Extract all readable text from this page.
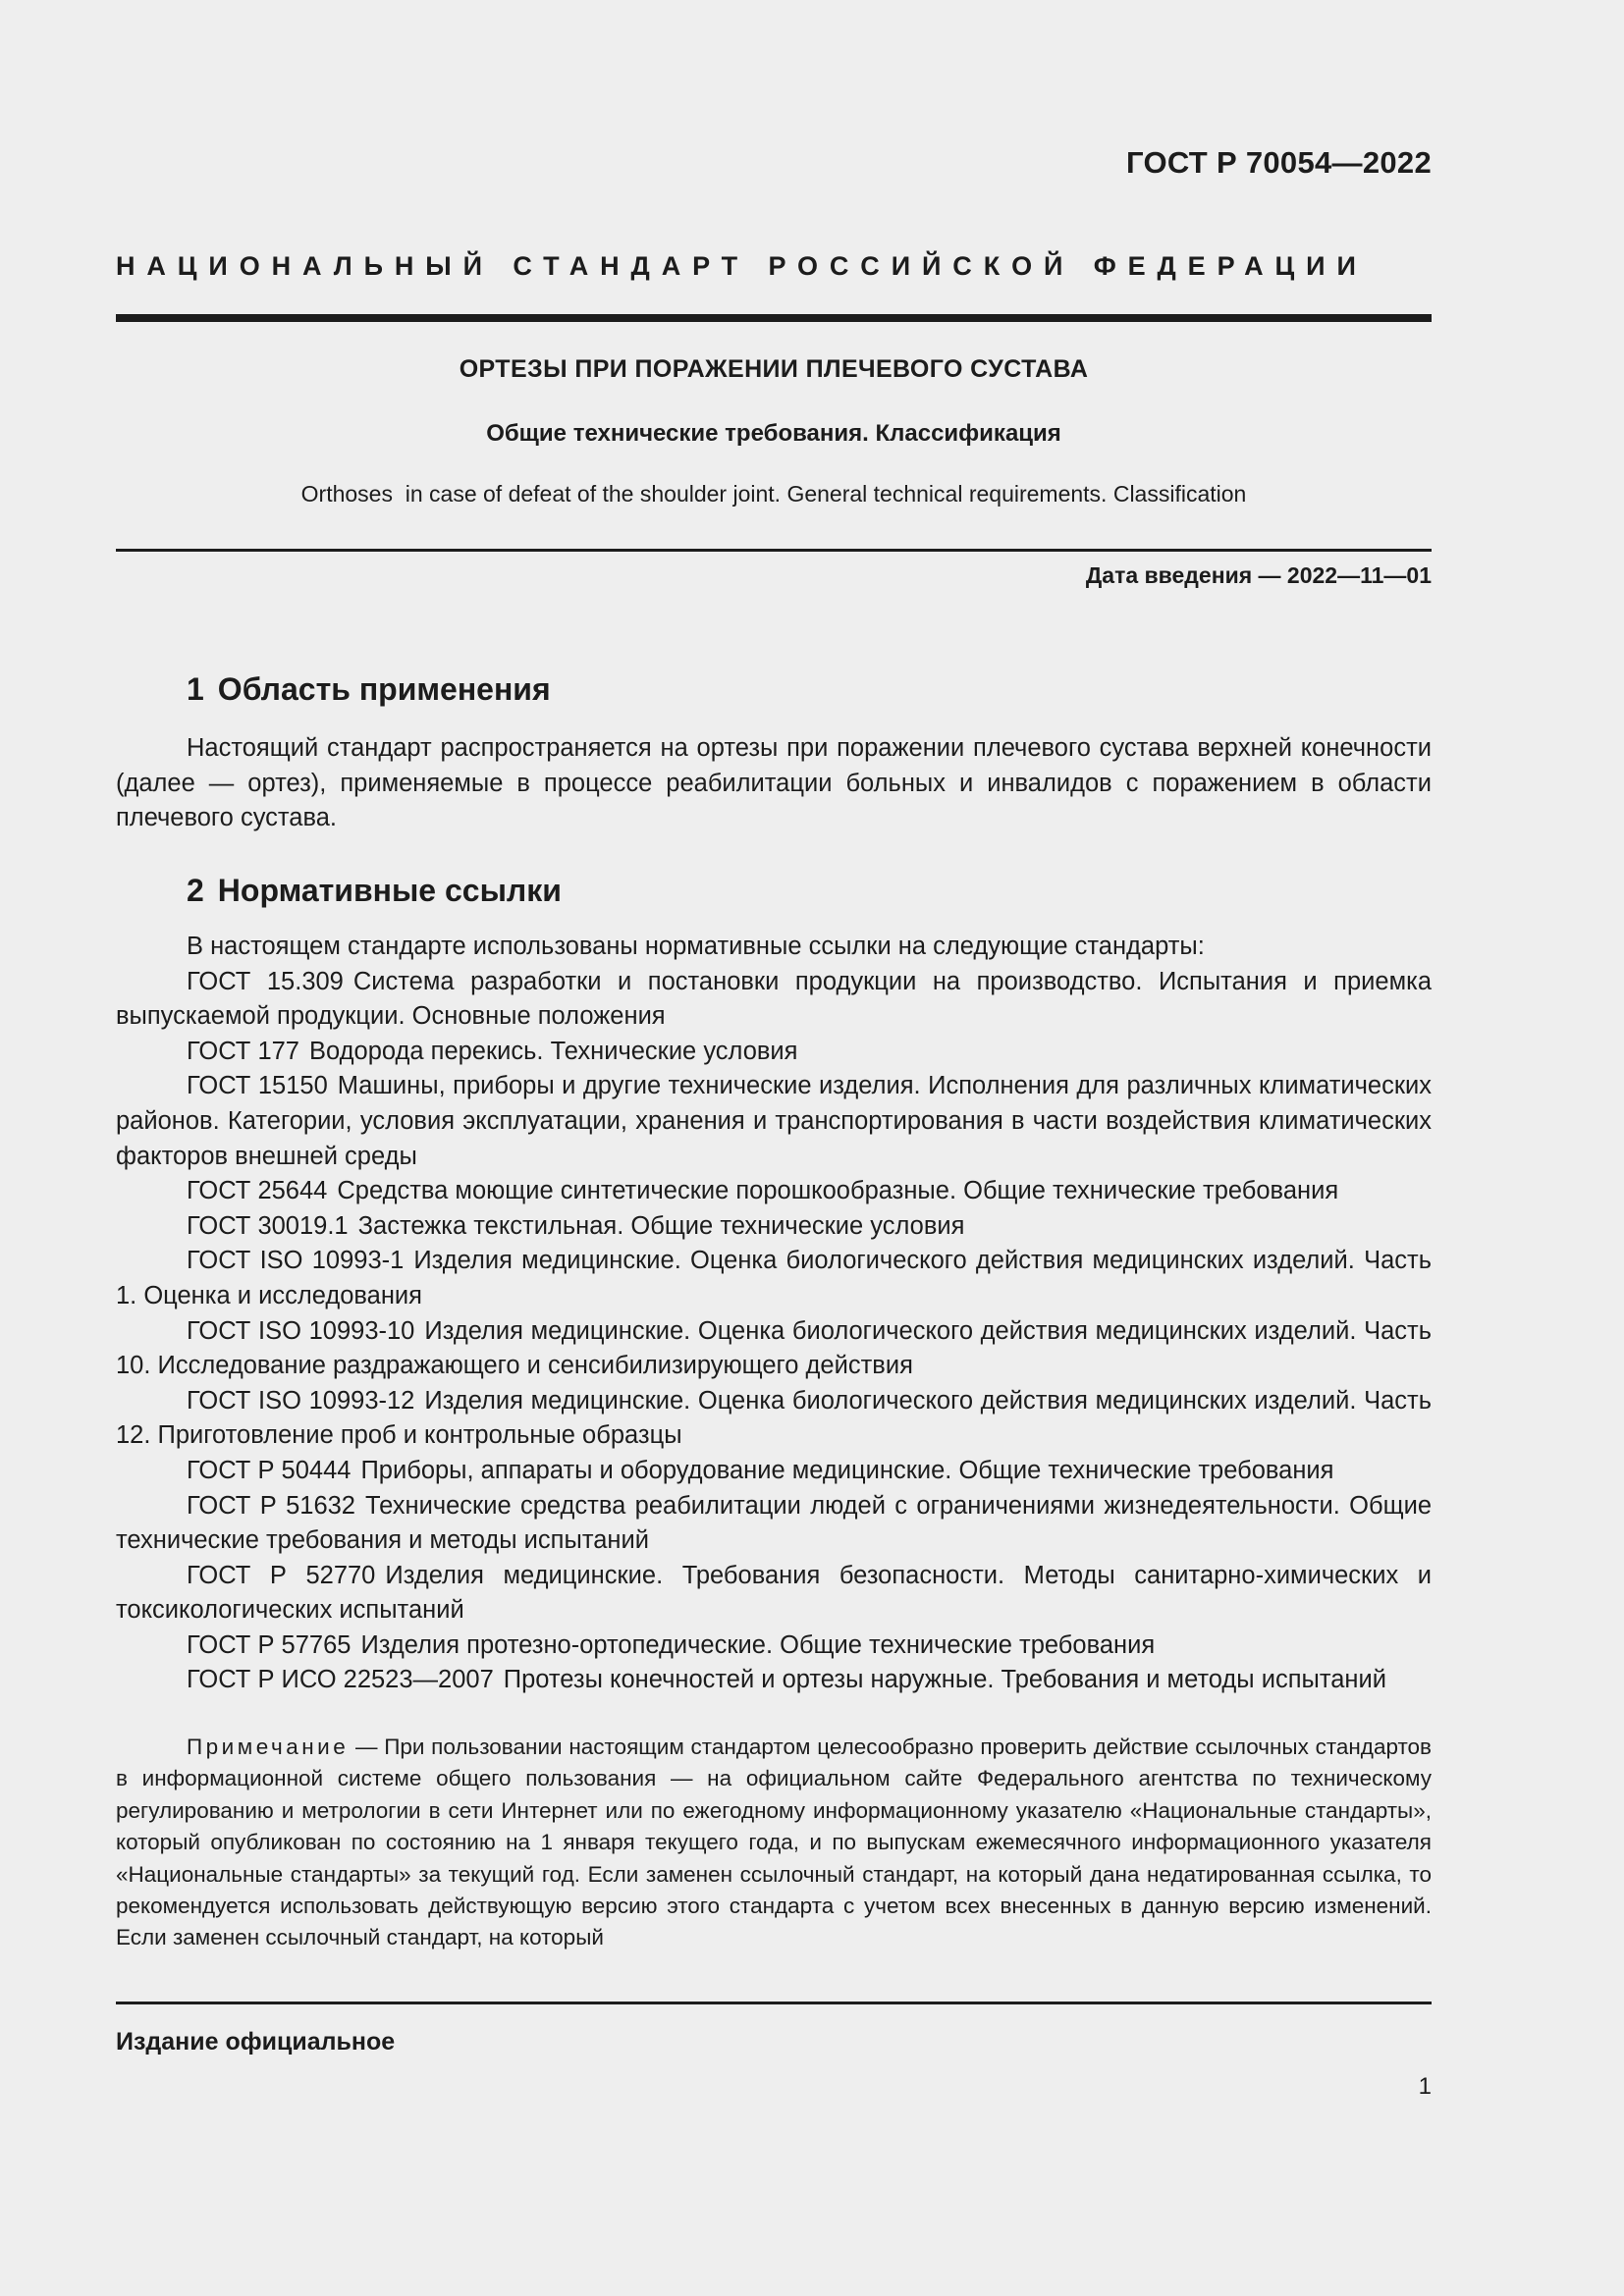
ГОСТ Р 70054—2022
НАЦИОНАЛЬНЫЙ СТАНДАРТ РОССИЙСКОЙ ФЕДЕРАЦИИ
ОРТЕЗЫ ПРИ ПОРАЖЕНИИ ПЛЕЧЕВОГО СУСТАВА
Общие технические требования. Классификация
Orthoses  in case of defeat of the shoulder joint. General technical requirements. Classification
Дата введения — 2022—11—01
1 Область применения

Настоящий стандарт распространяется на ортезы при поражении плечевого сустава верхней конечности (далее — ортез), применяемые в процессе реабилитации больных и инвалидов с поражением в области плечевого сустава.

2 Нормативные ссылки

В настоящем стандарте использованы нормативные ссылки на следующие стандарты:

ГОСТ 15.309 Система разработки и постановки продукции на производство. Испытания и приемка выпускаемой продукции. Основные положения

ГОСТ 177 Водорода перекись. Технические условия

ГОСТ 15150 Машины, приборы и другие технические изделия. Исполнения для различных климатических районов. Категории, условия эксплуатации, хранения и транспортирования в части воздействия климатических факторов внешней среды

ГОСТ 25644 Средства моющие синтетические порошкообразные. Общие технические требования

ГОСТ 30019.1 Застежка текстильная. Общие технические условия

ГОСТ ISO 10993-1 Изделия медицинские. Оценка биологического действия медицинских изделий. Часть 1. Оценка и исследования

ГОСТ ISO 10993-10 Изделия медицинские. Оценка биологического действия медицинских изделий. Часть 10. Исследование раздражающего и сенсибилизирующего действия

ГОСТ ISO 10993-12 Изделия медицинские. Оценка биологического действия медицинских изделий. Часть 12. Приготовление проб и контрольные образцы

ГОСТ Р 50444 Приборы, аппараты и оборудование медицинские. Общие технические требования

ГОСТ Р 51632 Технические средства реабилитации людей с ограничениями жизнедеятельности. Общие технические требования и методы испытаний

ГОСТ Р 52770 Изделия медицинские. Требования безопасности. Методы санитарно-химических и токсикологических испытаний

ГОСТ Р 57765 Изделия протезно-ортопедические. Общие технические требования

ГОСТ Р ИСО 22523—2007 Протезы конечностей и ортезы наружные. Требования и методы испытаний

Примечание — При пользовании настоящим стандартом целесообразно проверить действие ссылочных стандартов в информационной системе общего пользования — на официальном сайте Федерального агентства по техническому регулированию и метрологии в сети Интернет или по ежегодному информационному указателю «Национальные стандарты», который опубликован по состоянию на 1 января текущего года, и по выпускам ежемесячного информационного указателя «Национальные стандарты» за текущий год. Если заменен ссылочный стандарт, на который дана недатированная ссылка, то рекомендуется использовать действующую версию этого стандарта с учетом всех внесенных в данную версию изменений. Если заменен ссылочный стандарт, на который
Издание официальное
1
